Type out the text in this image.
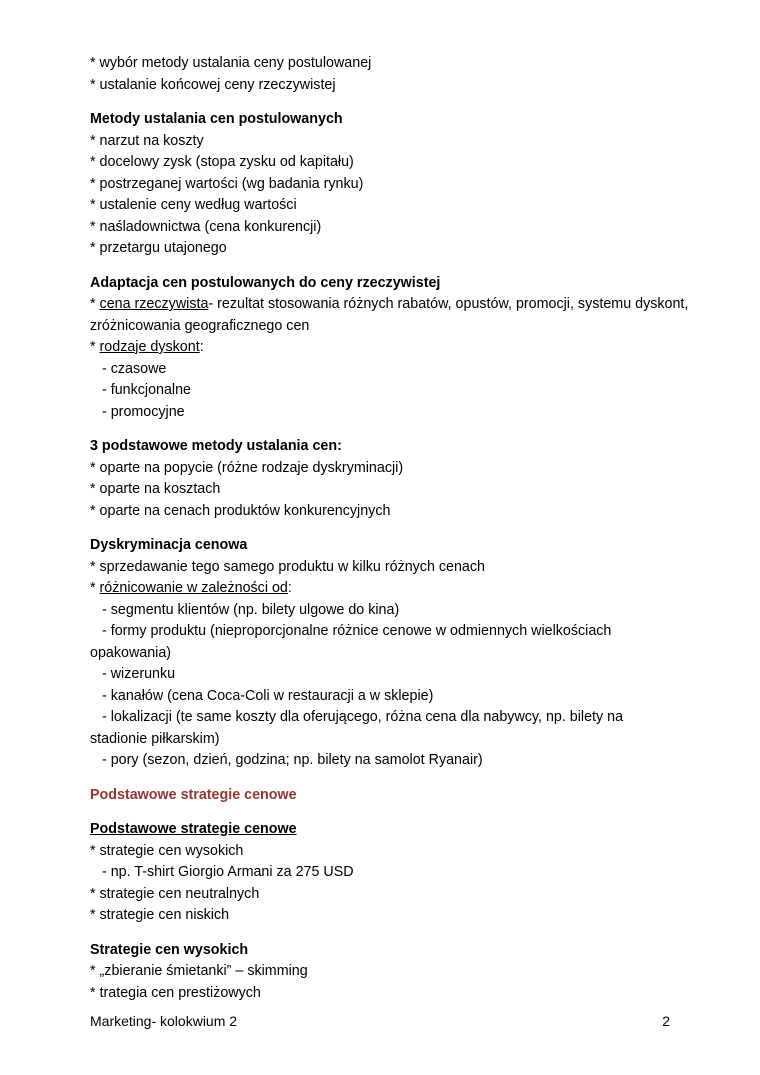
* wybór metody ustalania ceny postulowanej
* ustalanie końcowej ceny rzeczywistej
Metody ustalania cen postulowanych
* narzut na koszty
* docelowy zysk (stopa zysku od kapitału)
* postrzeganej wartości (wg badania rynku)
* ustalenie ceny według wartości
* naśladownictwa (cena konkurencji)
* przetargu utajonego
Adaptacja cen postulowanych do ceny rzeczywistej
* cena rzeczywista- rezultat stosowania różnych rabatów, opustów, promocji, systemu dyskont, zróżnicowania geograficznego cen
* rodzaje dyskont:
- czasowe
- funkcjonalne
- promocyjne
3 podstawowe metody ustalania cen:
* oparte na popycie (różne rodzaje dyskryminacji)
* oparte na kosztach
* oparte na cenach produktów konkurencyjnych
Dyskryminacja cenowa
* sprzedawanie tego samego produktu w kilku różnych cenach
* różnicowanie w zależności od:
- segmentu klientów (np. bilety ulgowe do kina)
- formy produktu (nieproporcjonalne różnice cenowe w odmiennych wielkościach
opakowania)
- wizerunku
- kanałów (cena Coca-Coli w restauracji a w sklepie)
- lokalizacji (te same koszty dla oferującego, różna cena dla nabywcy, np. bilety na
stadionie piłkarskim)
- pory (sezon, dzień, godzina; np. bilety na samolot Ryanair)
Podstawowe strategie cenowe
Podstawowe strategie cenowe
* strategie cen wysokich
- np. T-shirt Giorgio Armani za 275 USD
* strategie cen neutralnych
* strategie cen niskich
Strategie cen wysokich
* „zbieranie śmietanki” – skimming
* trategia cen prestiżowych
Marketing- kolokwium 2	2
